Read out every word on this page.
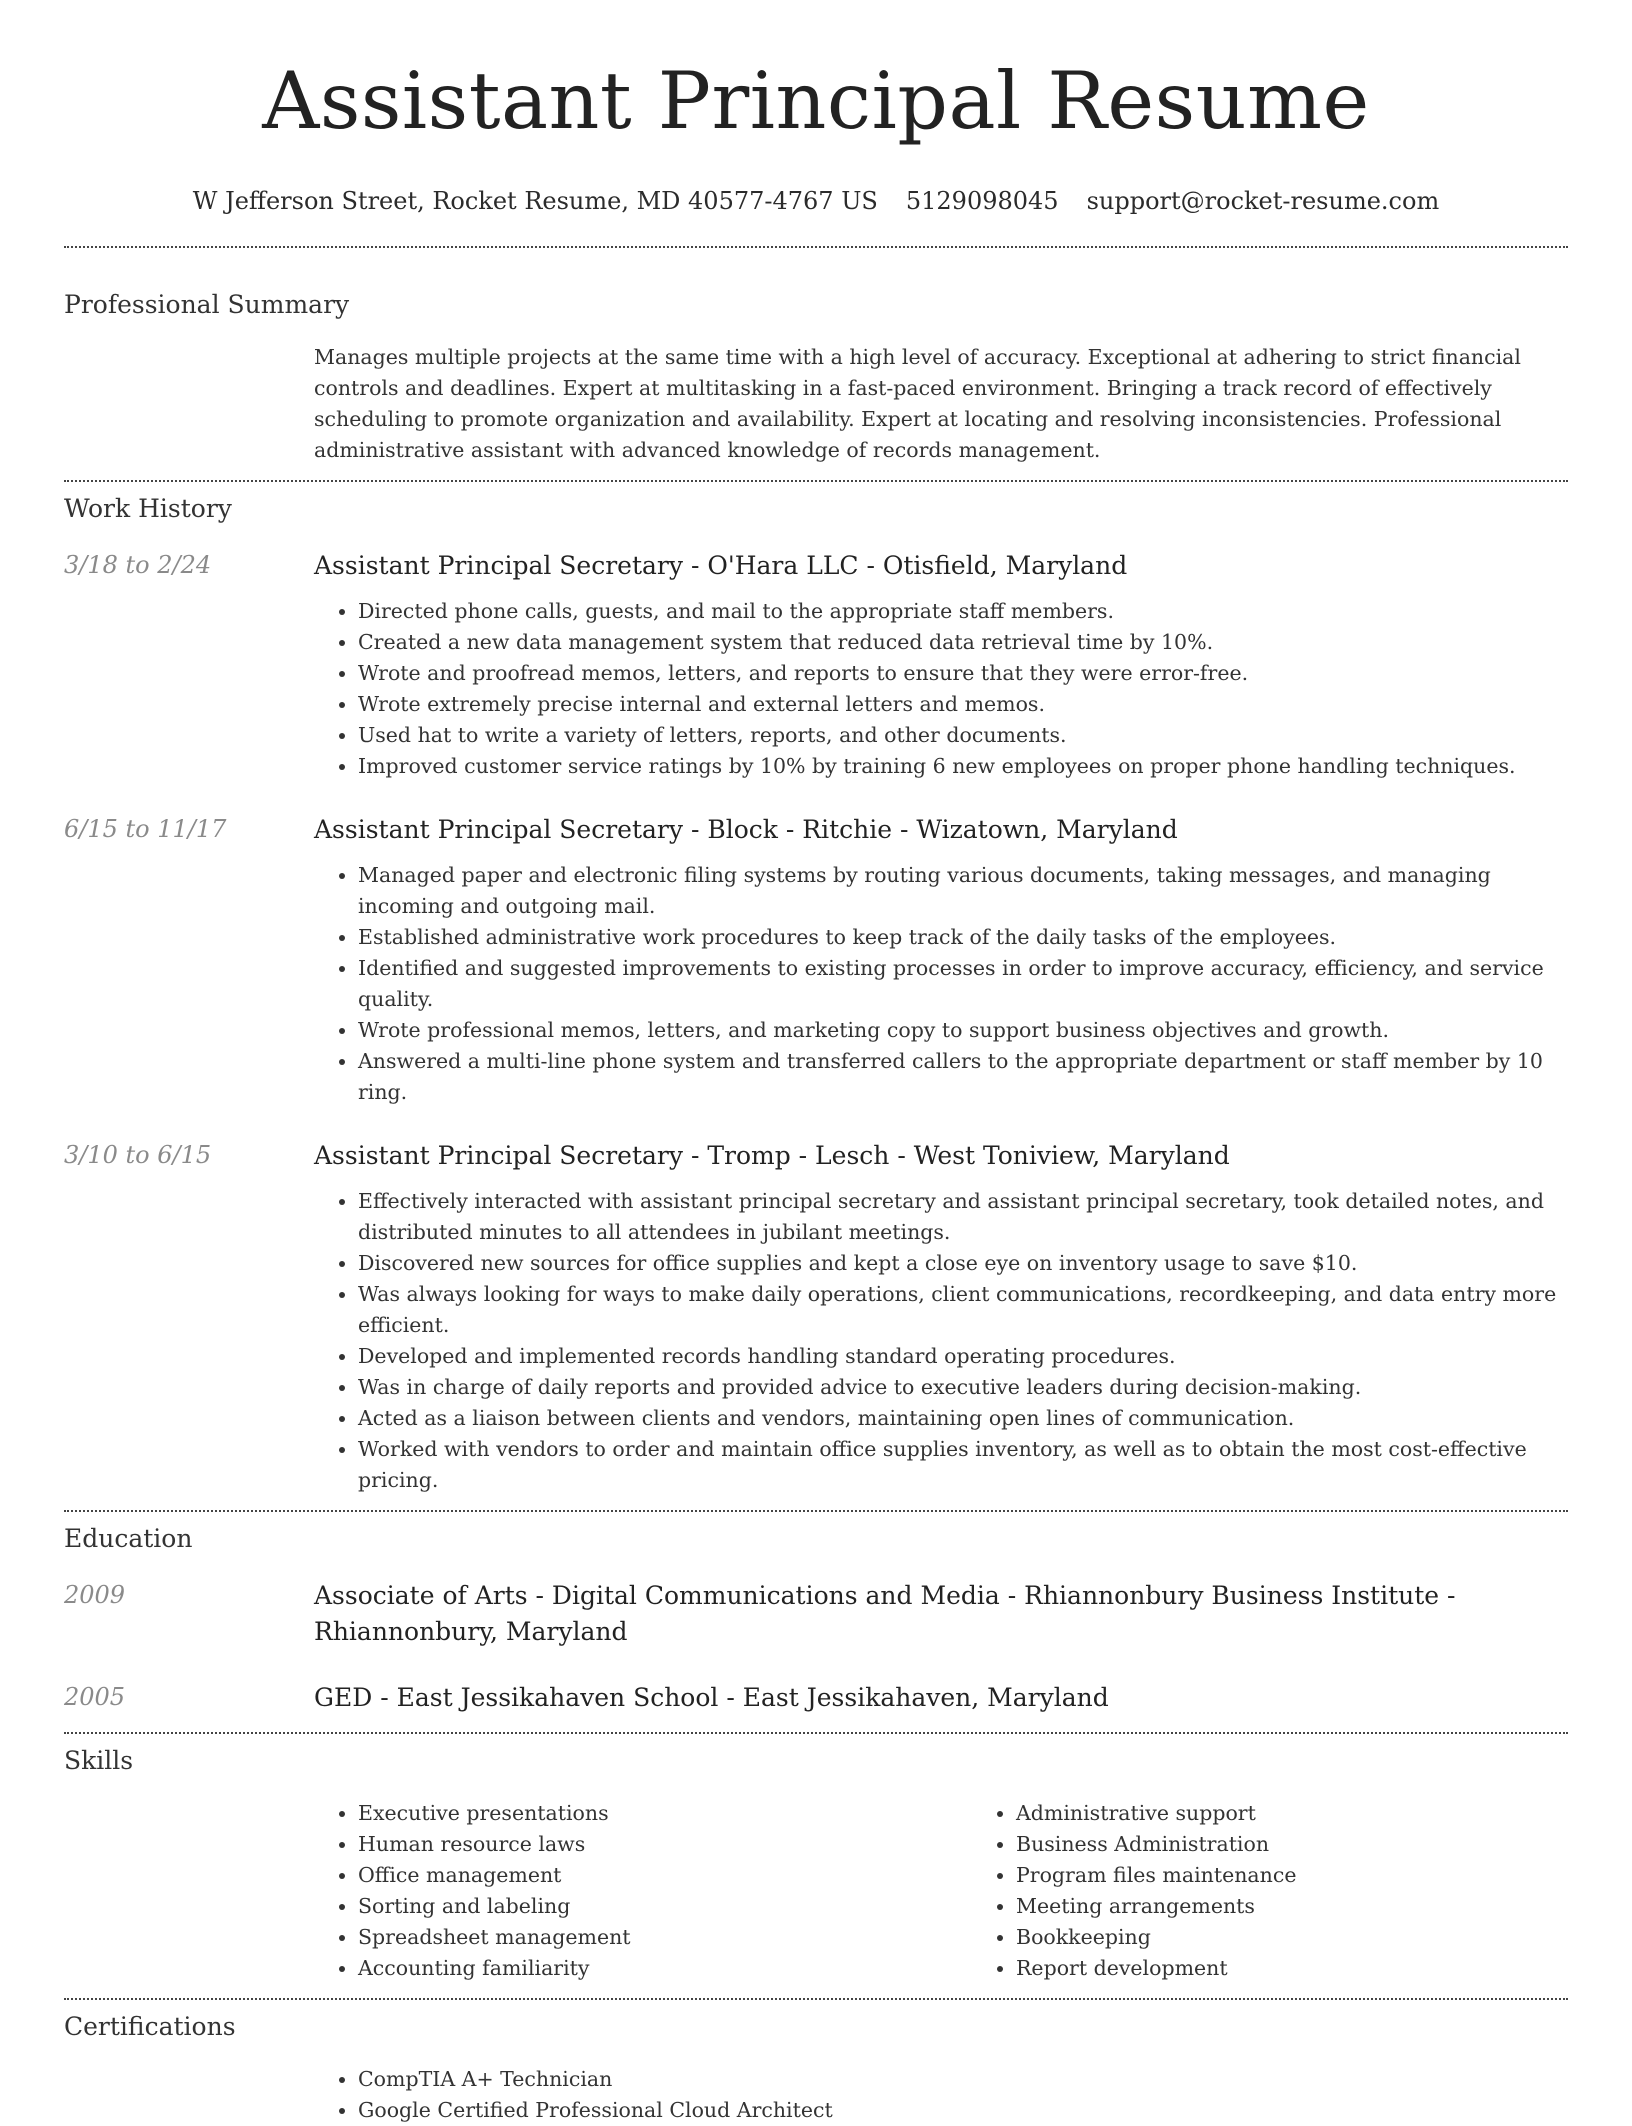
Assistant Principal Resume
W Jefferson Street, Rocket Resume, MD 40577-4767 US 5129098045 support@rocket-resume.com
Professional Summary
Manages multiple projects at the same time with a high level of accuracy. Exceptional at adhering to strict financial controls and deadlines. Expert at multitasking in a fast-paced environment. Bringing a track record of effectively scheduling to promote organization and availability. Expert at locating and resolving inconsistencies. Professional administrative assistant with advanced knowledge of records management.
Work History
3/18 to 2/24	Assistant Principal Secretary - O'Hara LLC - Otisfield, Maryland
• Directed phone calls, guests, and mail to the appropriate staff members.
• Created a new data management system that reduced data retrieval time by 10%.
• Wrote and proofread memos, letters, and reports to ensure that they were error-free.
• Wrote extremely precise internal and external letters and memos.
• Used hat to write a variety of letters, reports, and other documents.
• Improved customer service ratings by 10% by training 6 new employees on proper phone handling techniques.
6/15 to 11/17	Assistant Principal Secretary - Block - Ritchie - Wizatown, Maryland
• Managed paper and electronic filing systems by routing various documents, taking messages, and managing incoming and outgoing mail.
• Established administrative work procedures to keep track of the daily tasks of the employees.
• Identified and suggested improvements to existing processes in order to improve accuracy, efficiency, and service quality.
• Wrote professional memos, letters, and marketing copy to support business objectives and growth.
• Answered a multi-line phone system and transferred callers to the appropriate department or staff member by 10 ring.
3/10 to 6/15	Assistant Principal Secretary - Tromp - Lesch - West Toniview, Maryland
• Effectively interacted with assistant principal secretary and assistant principal secretary, took detailed notes, and distributed minutes to all attendees in jubilant meetings.
• Discovered new sources for office supplies and kept a close eye on inventory usage to save $10.
• Was always looking for ways to make daily operations, client communications, recordkeeping, and data entry more efficient.
• Developed and implemented records handling standard operating procedures.
• Was in charge of daily reports and provided advice to executive leaders during decision-making.
• Acted as a liaison between clients and vendors, maintaining open lines of communication.
• Worked with vendors to order and maintain office supplies inventory, as well as to obtain the most cost-effective pricing.
Education
2009	Associate of Arts - Digital Communications and Media - Rhiannonbury Business Institute - Rhiannonbury, Maryland
2005	GED - East Jessikahaven School - East Jessikahaven, Maryland
Skills
• Executive presentations
• Human resource laws
• Office management
• Sorting and labeling
• Spreadsheet management
• Accounting familiarity
• Administrative support
• Business Administration
• Program files maintenance
• Meeting arrangements
• Bookkeeping
• Report development
Certifications
• CompTIA A+ Technician
• Google Certified Professional Cloud Architect
